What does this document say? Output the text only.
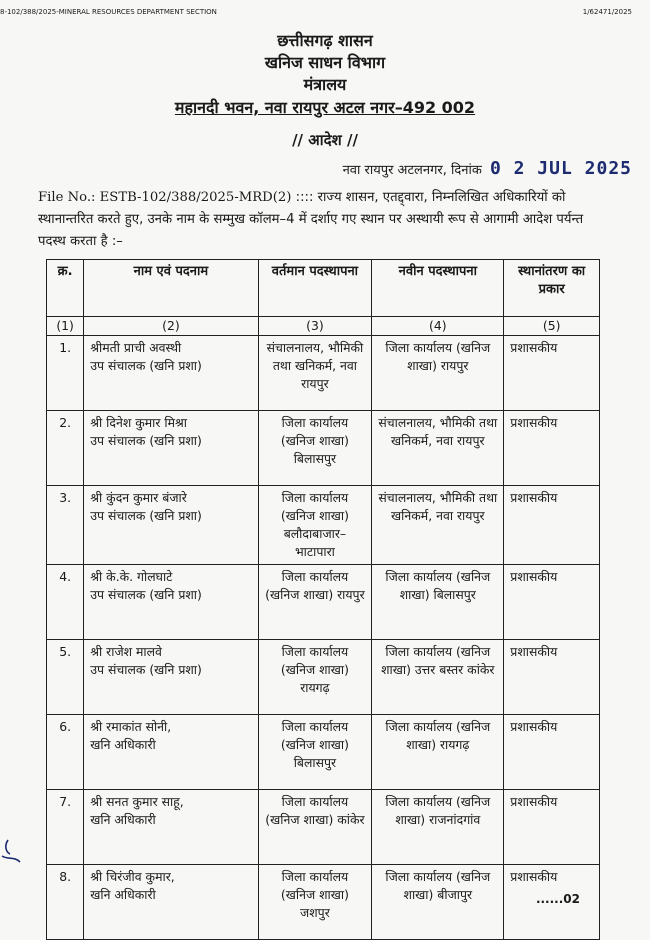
8-102/388/2025-MINERAL RESOURCES DEPARTMENT SECTION	1/62471/2025
छत्तीसगढ़ शासन
खनिज साधन विभाग
मंत्रालय
महानदी भवन, नवा रायपुर अटल नगर–492 002
// आदेश //
नवा रायपुर अटलनगर, दिनांक 0 2 JUL 2025
File No.: ESTB-102/388/2025-MRD(2) :::: राज्य शासन, एतद्द्वारा, निम्नलिखित अधिकारियों को स्थानान्तरित करते हुए, उनके नाम के सम्मुख कॉलम–4 में दर्शाए गए स्थान पर अस्थायी रूप से आगामी आदेश पर्यन्त पदस्थ करता है :–
क्र.	नाम एवं पदनाम	वर्तमान पदस्थापना	नवीन पदस्थापना	स्थानांतरण का प्रकार
(1)	(2)	(3)	(4)	(5)
1.	श्रीमती प्राची अवस्थी
उप संचालक (खनि प्रशा)	संचालनालय, भौमिकी तथा खनिकर्म, नवा रायपुर	जिला कार्यालय (खनिज शाखा) रायपुर	प्रशासकीय
2.	श्री दिनेश कुमार मिश्रा
उप संचालक (खनि प्रशा)	जिला कार्यालय (खनिज शाखा) बिलासपुर	संचालनालय, भौमिकी तथा खनिकर्म, नवा रायपुर	प्रशासकीय
3.	श्री कुंदन कुमार बंजारे
उप संचालक (खनि प्रशा)	जिला कार्यालय (खनिज शाखा) बलौदाबाजार–भाटापारा	संचालनालय, भौमिकी तथा खनिकर्म, नवा रायपुर	प्रशासकीय
4.	श्री के.के. गोलघाटे
उप संचालक (खनि प्रशा)	जिला कार्यालय (खनिज शाखा) रायपुर	जिला कार्यालय (खनिज शाखा) बिलासपुर	प्रशासकीय
5.	श्री राजेश मालवे
उप संचालक (खनि प्रशा)	जिला कार्यालय (खनिज शाखा) रायगढ़	जिला कार्यालय (खनिज शाखा) उत्तर बस्तर कांकेर	प्रशासकीय
6.	श्री रमाकांत सोनी,
खनि अधिकारी	जिला कार्यालय (खनिज शाखा) बिलासपुर	जिला कार्यालय (खनिज शाखा) रायगढ़	प्रशासकीय
7.	श्री सनत कुमार साहू,
खनि अधिकारी	जिला कार्यालय (खनिज शाखा) कांकेर	जिला कार्यालय (खनिज शाखा) राजनांदगांव	प्रशासकीय
8.	श्री चिरंजीव कुमार,
खनि अधिकारी	जिला कार्यालय (खनिज शाखा) जशपुर	जिला कार्यालय (खनिज शाखा) बीजापुर	प्रशासकीय
......02
